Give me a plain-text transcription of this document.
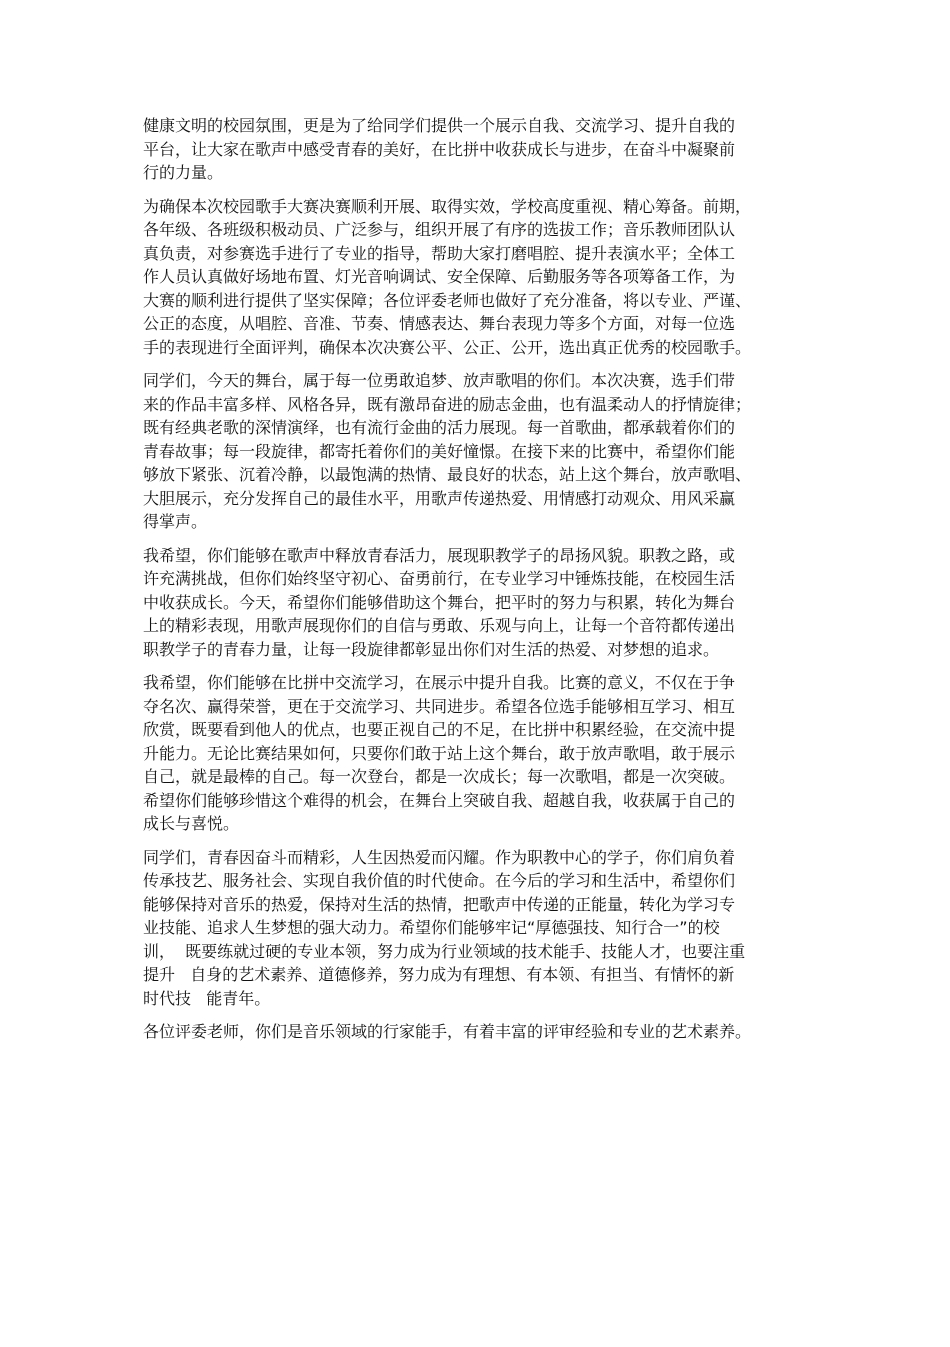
健康文明的校园氛围，更是为了给同学们提供一个展示自我、交流学习、提升自我的
平台，让大家在歌声中感受青春的美好，在比拼中收获成长与进步，在奋斗中凝聚前
行的力量。
为确保本次校园歌手大赛决赛顺利开展、取得实效，学校高度重视、精心筹备。前期，
各年级、各班级积极动员、广泛参与，组织开展了有序的选拔工作；音乐教师团队认
真负责，对参赛选手进行了专业的指导，帮助大家打磨唱腔、提升表演水平；全体工
作人员认真做好场地布置、灯光音响调试、安全保障、后勤服务等各项筹备工作，为
大赛的顺利进行提供了坚实保障；各位评委老师也做好了充分准备，将以专业、严谨、
公正的态度，从唱腔、音准、节奏、情感表达、舞台表现力等多个方面，对每一位选
手的表现进行全面评判，确保本次决赛公平、公正、公开，选出真正优秀的校园歌手。
同学们，今天的舞台，属于每一位勇敢追梦、放声歌唱的你们。本次决赛，选手们带
来的作品丰富多样、风格各异，既有激昂奋进的励志金曲，也有温柔动人的抒情旋律；
既有经典老歌的深情演绎，也有流行金曲的活力展现。每一首歌曲，都承载着你们的
青春故事；每一段旋律，都寄托着你们的美好憧憬。在接下来的比赛中，希望你们能
够放下紧张、沉着冷静，以最饱满的热情、最良好的状态，站上这个舞台，放声歌唱、
大胆展示，充分发挥自己的最佳水平，用歌声传递热爱、用情感打动观众、用风采赢
得掌声。
我希望，你们能够在歌声中释放青春活力，展现职教学子的昂扬风貌。职教之路，或
许充满挑战，但你们始终坚守初心、奋勇前行，在专业学习中锤炼技能，在校园生活
中收获成长。今天，希望你们能够借助这个舞台，把平时的努力与积累，转化为舞台
上的精彩表现，用歌声展现你们的自信与勇敢、乐观与向上，让每一个音符都传递出
职教学子的青春力量，让每一段旋律都彰显出你们对生活的热爱、对梦想的追求。
我希望，你们能够在比拼中交流学习，在展示中提升自我。比赛的意义，不仅在于争
夺名次、赢得荣誉，更在于交流学习、共同进步。希望各位选手能够相互学习、相互
欣赏，既要看到他人的优点，也要正视自己的不足，在比拼中积累经验，在交流中提
升能力。无论比赛结果如何，只要你们敢于站上这个舞台，敢于放声歌唱，敢于展示
自己，就是最棒的自己。每一次登台，都是一次成长；每一次歌唱，都是一次突破。
希望你们能够珍惜这个难得的机会，在舞台上突破自我、超越自我，收获属于自己的
成长与喜悦。
同学们，青春因奋斗而精彩，人生因热爱而闪耀。作为职教中心的学子，你们肩负着
传承技艺、服务社会、实现自我价值的时代使命。在今后的学习和生活中，希望你们
能够保持对音乐的热爱，保持对生活的热情，把歌声中传递的正能量，转化为学习专
业技能、追求人生梦想的强大动力。希望你们能够牢记“厚德强技、知行合一”的校
训，  既要练就过硬的专业本领，努力成为行业领域的技术能手、技能人才，也要注重
提升   自身的艺术素养、道德修养，努力成为有理想、有本领、有担当、有情怀的新
时代技   能青年。
各位评委老师，你们是音乐领域的行家能手，有着丰富的评审经验和专业的艺术素养。
